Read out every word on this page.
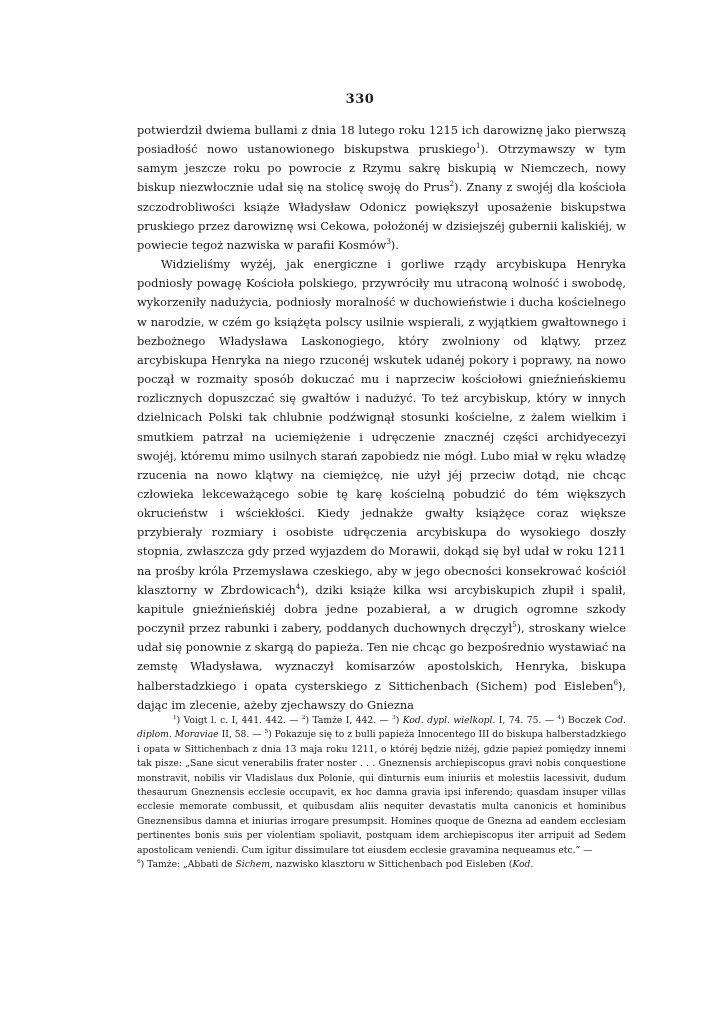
330

potwierdził dwiema bullami z dnia 18 lutego roku 1215 ich darowiznę jako pierwszą posiadłość nowo ustanowionego biskupstwa pruskiego$^1$). Otrzymawszy w tym samym jeszcze roku po powrocie z Rzymu sakrę biskupią w Niemczech, nowy biskup niezwłocznie udał się na stolicę swoję do Prus$^2$). Znany z swojéj dla kościoła szczodrobliwości książe Władysław Odonicz powiększył uposażenie biskupstwa pruskiego przez darowiznę wsi Cekowa, położonéj w dzisiejszéj gubernii kaliskiéj, w powiecie tegoż nazwiska w parafii Kosmów$^3$).

Widzieliśmy wyżéj, jak energiczne i gorliwe rządy arcybiskupa Henryka podniosły powagę Kościoła polskiego, przywróciły mu utraconą wolność i swobodę, wykorzeniły nadużycia, podniosły moralność w duchowieństwie i ducha kościelnego w narodzie, w czém go książęta polscy usilnie wspierali, z wyjątkiem gwałtownego i bezbożnego Władysława Laskonogiego, który zwolniony od klątwy, przez arcybiskupa Henryka na niego rzuconéj wskutek udanéj pokory i poprawy, na nowo począł w rozmaity sposób dokuczać mu i naprzeciw kościołowi gnieźnieńskiemu rozlicznych dopuszczać się gwałtów i nadużyć. To też arcybiskup, który w innych dzielnicach Polski tak chlubnie podźwignął stosunki kościelne, z żalem wielkim i smutkiem patrzał na uciemiężenie i udręczenie znacznéj części archidyecezyi swojéj, któremu mimo usilnych starań zapobiedz nie mógł. Lubo miał w ręku władzę rzucenia na nowo klątwy na ciemiężcę, nie użył jéj przeciw dotąd, nie chcąc człowieka lekceważącego sobie tę karę kościelną pobudzić do tém większych okrucieństw i wściekłości. Kiedy jednakże gwałty książęce coraz większe przybierały rozmiary i osobiste udręczenia arcybiskupa do wysokiego doszły stopnia, zwłaszcza gdy przed wyjazdem do Morawii, dokąd się był udał w roku 1211 na prośby króla Przemysława czeskiego, aby w jego obecności konsekrować kościół klasztorny w Zbrdowicach$^4$), dziki książe kilka wsi arcybiskupich złupił i spalił, kapitule gnieźnieńskiéj dobra jedne pozabierał, a w drugich ogromne szkody poczynił przez rabunki i zabery, poddanych duchownych dręczył$^5$), stroskany wielce udał się ponownie z skargą do papieża. Ten nie chcąc go bezpośrednio wystawiać na zemstę Władysława, wyznaczył komisarzów apostolskich, Henryka, biskupa halberstadzkiego i opata cysterskiego z Sittichenbach (Sichem) pod Eisleben$^6$), dając im zlecenie, ażeby zjechawszy do Gniezna

$^1$) Voigt l. c. I, 441. 442. — $^2$) Tamże I, 442. — $^3$) Kod. dypl. wielkopl. I, 74. 75. — $^4$) Boczek Cod. diplom. Moraviae II, 58. — $^5$) Pokazuje się to z bulli papieża Innocentego III do biskupa halberstadzkiego i opata w Sittichenbach z dnia 13 maja roku 1211, o któréj będzie niżéj, gdzie papież pomiędzy innemi tak pisze: „Sane sicut venerabilis frater noster . . . Gneznensis archiepiscopus gravi nobis conquestione monstravit, nobilis vir Vladislaus dux Polonie, qui dinturnis eum iniuriis et molestiis lacessivit, dudum thesaurum Gneznensis ecclesie occupavit, ex hoc damna gravia ipsi inferendo; quasdam insuper villas ecclesie memorate combussit, et quibusdam aliis nequiter devastatis multa canonicis et hominibus Gneznensibus damna et iniurias irrogare presumpsit. Homines quoque de Gnezna ad eandem ecclesiam pertinentes bonis suis per violentiam spoliavit, postquam idem archiepiscopus iter arripuit ad Sedem apostolicam veniendi. Cum igitur dissimulare tot eiusdem ecclesie gravamina nequeamus etc.” —
$^6$) Tamże: „Abbati de Sichem, nazwisko klasztoru w Sittichenbach pod Eisleben (Kod.
